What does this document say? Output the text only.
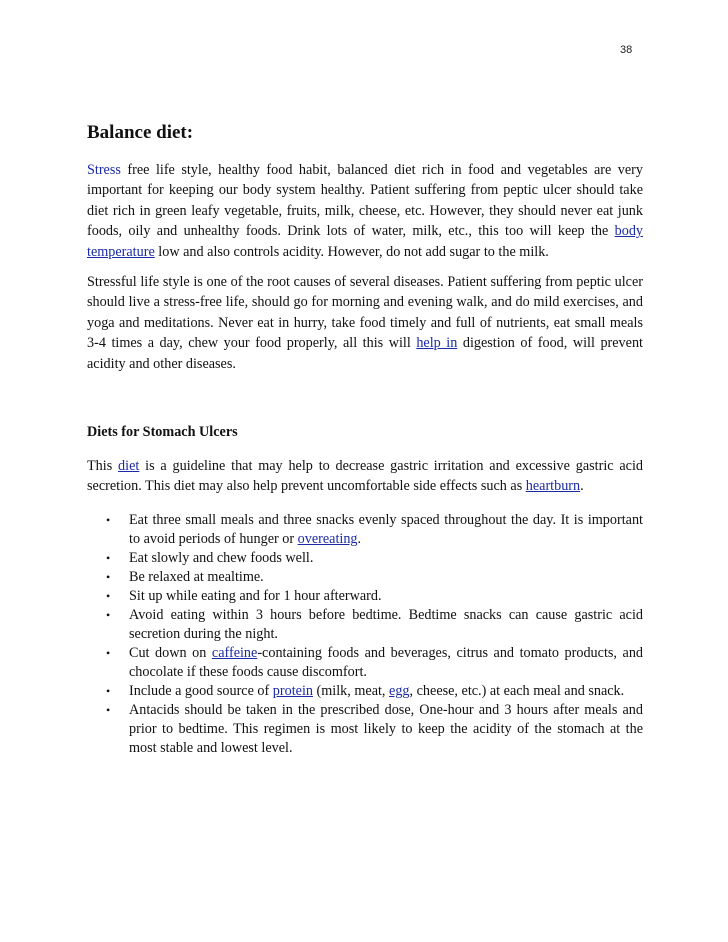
38
Balance diet:

Stress free life style, healthy food habit, balanced diet rich in food and vegetables are very important for keeping our body system healthy. Patient suffering from peptic ulcer should take diet rich in green leafy vegetable, fruits, milk, cheese, etc. However, they should never eat junk foods, oily and unhealthy foods. Drink lots of water, milk, etc., this too will keep the body temperature low and also controls acidity. However, do not add sugar to the milk.

Stressful life style is one of the root causes of several diseases. Patient suffering from peptic ulcer should live a stress-free life, should go for morning and evening walk, and do mild exercises, and yoga and meditations. Never eat in hurry, take food timely and full of nutrients, eat small meals 3-4 times a day, chew your food properly, all this will help in digestion of food, will prevent acidity and other diseases.

Diets for Stomach Ulcers

This diet is a guideline that may help to decrease gastric irritation and excessive gastric acid secretion. This diet may also help prevent uncomfortable side effects such as heartburn.

• Eat three small meals and three snacks evenly spaced throughout the day. It is important to avoid periods of hunger or overeating.
• Eat slowly and chew foods well.
• Be relaxed at mealtime.
• Sit up while eating and for 1 hour afterward.
• Avoid eating within 3 hours before bedtime. Bedtime snacks can cause gastric acid secretion during the night.
• Cut down on caffeine-containing foods and beverages, citrus and tomato products, and chocolate if these foods cause discomfort.
• Include a good source of protein (milk, meat, egg, cheese, etc.) at each meal and snack.
• Antacids should be taken in the prescribed dose, One-hour and 3 hours after meals and prior to bedtime. This regimen is most likely to keep the acidity of the stomach at the most stable and lowest level.
